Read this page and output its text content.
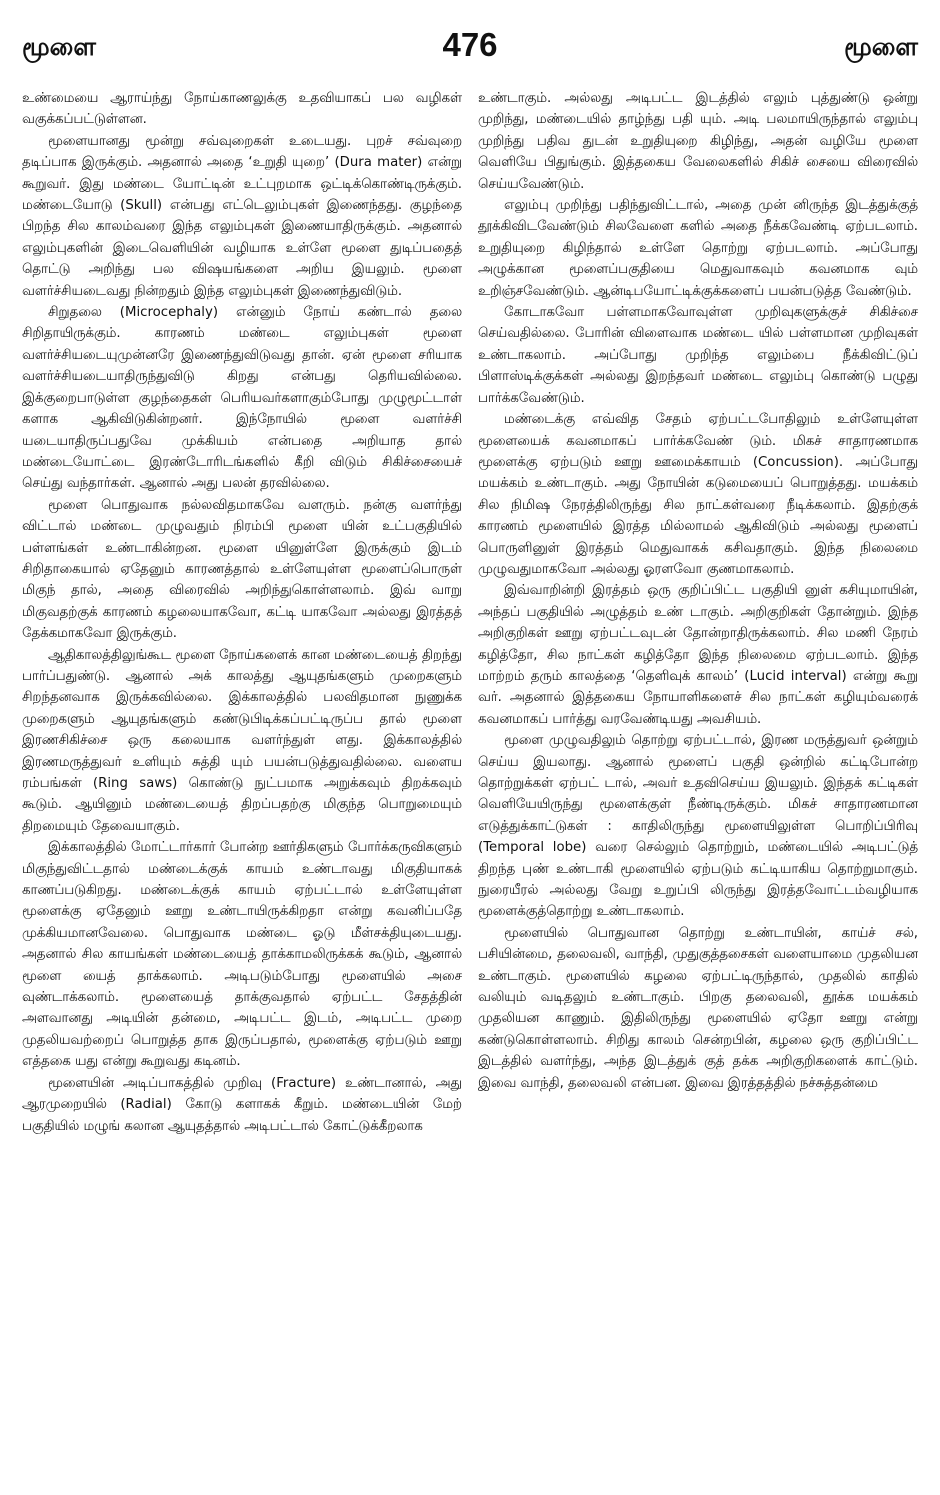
மூளை	476	மூளை

உண்மையை ஆராய்ந்து நோய்காணலுக்கு உதவியாகப் பல வழிகள் வகுக்கப்பட்டுள்ளன.

மூளையானது மூன்று சவ்வுறைகள் உடையது. புறச் சவ்வுறை தடிப்பாக இருக்கும். அதனால் அதை ‘உறுதி யுறை’ (Dura mater) என்று கூறுவர். இது மண்டை யோட்டின் உட்புறமாக ஒட்டிக்கொண்டிருக்கும். மண்டையோடு (Skull) என்பது எட்டெலும்புகள் இணைந்தது. குழந்தை பிறந்த சில காலம்வரை இந்த எலும்புகள் இணையாதிருக்கும். அதனால் எலும்புகளின் இடைவெளியின் வழியாக உள்ளே மூளை துடிப்பதைத் தொட்டு அறிந்து பல விஷயங்களை அறிய இயலும். மூளை வளர்ச்சியடைவது நின்றதும் இந்த எலும்புகள் இணைந்துவிடும்.

சிறுதலை (Microcephaly) என்னும் நோய் கண்டால் தலை சிறிதாயிருக்கும். காரணம் மண்டை எலும்புகள் மூளை வளர்ச்சியடையுமுன்னரே இணைந்துவிடுவது தான். ஏன் மூளை சரியாக வளர்ச்சியடையாதிருந்துவிடு கிறது என்பது தெரியவில்லை. இக்குறைபாடுள்ள குழந்தைகள் பெரியவர்களாகும்போது முழுமூட்டாள் களாக ஆகிவிடுகின்றனர். இந்நோயில் மூளை வளர்ச்சி யடையாதிருப்பதுவே முக்கியம் என்பதை அறியாத தால் மண்டையோட்டை இரண்டோரிடங்களில் கீறி விடும் சிகிச்சையைச் செய்து வந்தார்கள். ஆனால் அது பலன் தரவில்லை.

மூளை பொதுவாக நல்லவிதமாகவே வளரும். நன்கு வளர்ந்து விட்டால் மண்டை முழுவதும் நிரம்பி மூளை யின் உட்பகுதியில் பள்ளங்கள் உண்டாகின்றன. மூளை யினுள்ளே இருக்கும் இடம் சிறிதாகையால் ஏதேனும் காரணத்தால் உள்ளேயுள்ள மூளைப்பொருள் மிகுந் தால், அதை விரைவில் அறிந்துகொள்ளலாம். இவ் வாறு மிகுவதற்குக் காரணம் கழலையாகவோ, கட்டி யாகவோ அல்லது இரத்தத் தேக்கமாகவோ இருக்கும்.

ஆதிகாலத்திலுங்கூட மூளை நோய்களைக் கான மண்டையைத் திறந்து பார்ப்பதுண்டு. ஆனால் அக் காலத்து ஆயுதங்களும் முறைகளும் சிறந்தனவாக இருக்கவில்லை. இக்காலத்தில் பலவிதமான நுணுக்க முறைகளும் ஆயுதங்களும் கண்டுபிடிக்கப்பட்டிருப்ப தால் மூளை இரணசிகிச்சை ஒரு கலையாக வளர்ந்துள் ளது. இக்காலத்தில் இரணமருத்துவர் உளியும் சுத்தி யும் பயன்படுத்துவதில்லை. வளைய ரம்பங்கள் (Ring saws) கொண்டு நுட்பமாக அறுக்கவும் திறக்கவும் கூடும். ஆயினும் மண்டையைத் திறப்பதற்கு மிகுந்த பொறுமையும் திறமையும் தேவையாகும்.

இக்காலத்தில் மோட்டார்கார் போன்ற ஊர்திகளும் போர்க்கருவிகளும் மிகுந்துவிட்டதால் மண்டைக்குக் காயம் உண்டாவது மிகுதியாகக் காணப்படுகிறது. மண்டைக்குக் காயம் ஏற்பட்டால் உள்ளேயுள்ள மூளைக்கு ஏதேனும் ஊறு உண்டாயிருக்கிறதா என்று கவனிப்பதே முக்கியமானவேலை. பொதுவாக மண்டை ஓடு மீள்சக்தியுடையது. அதனால் சில காயங்கள் மண்டையைத் தாக்காமலிருக்கக் கூடும், ஆனால் மூளை யைத் தாக்கலாம். அடிபடும்போது மூளையில் அசை வுண்டாக்கலாம். மூளையைத் தாக்குவதால் ஏற்பட்ட சேதத்தின் அளவானது அடியின் தன்மை, அடிபட்ட இடம், அடிபட்ட முறை முதலியவற்றைப் பொறுத்த தாக இருப்பதால், மூளைக்கு ஏற்படும் ஊறு எத்தகை யது என்று கூறுவது கடினம்.

மூளையின் அடிப்பாகத்தில் முறிவு (Fracture) உண்டானால், அது ஆரமுறையில் (Radial) கோடு களாகக் கீறும். மண்டையின் மேற் பகுதியில் மழுங் கலான ஆயுதத்தால் அடிபட்டால் கோட்டுக்கீறலாக

உண்டாகும். அல்லது அடிபட்ட இடத்தில் எலும் புத்துண்டு ஒன்று முறிந்து, மண்டையில் தாழ்ந்து பதி யும். அடி பலமாயிருந்தால் எலும்பு முறிந்து பதிவ துடன் உறுதியுறை கிழிந்து, அதன் வழியே மூளை வெளியே பிதுங்கும். இத்தகைய வேலைகளில் சிகிச் சையை விரைவில் செய்யவேண்டும்.

எலும்பு முறிந்து பதிந்துவிட்டால், அதை முன் னிருந்த இடத்துக்குத் தூக்கிவிடவேண்டும் சிலவேளை களில் அதை நீக்கவேண்டி ஏற்படலாம். உறுதியுறை கிழிந்தால் உள்ளே தொற்று ஏற்படலாம். அப்போது அழுக்கான மூளைப்பகுதியை மெதுவாகவும் கவனமாக வும் உறிஞ்சவேண்டும். ஆன்டிபயோட்டிக்குக்களைப் பயன்படுத்த வேண்டும்.

கோடாகவோ பள்ளமாகவோவுள்ள முறிவுகளுக்குச் சிகிச்சை செய்வதில்லை. போரின் விளைவாக மண்டை யில் பள்ளமான முறிவுகள் உண்டாகலாம். அப்போது முறிந்த எலும்பை நீக்கிவிட்டுப் பிளாஸ்டிக்குக்கள் அல்லது இறந்தவர் மண்டை எலும்பு கொண்டு பழுது பார்க்கவேண்டும்.

மண்டைக்கு எவ்வித சேதம் ஏற்பட்டபோதிலும் உள்ளேயுள்ள மூளையைக் கவனமாகப் பார்க்கவேண் டும். மிகச் சாதாரணமாக மூளைக்கு ஏற்படும் ஊறு ஊமைக்காயம் (Concussion). அப்போது மயக்கம் உண்டாகும். அது நோயின் கடுமையைப் பொறுத்தது. மயக்கம் சில நிமிஷ நேரத்திலிருந்து சில நாட்கள்வரை நீடிக்கலாம். இதற்குக் காரணம் மூளையில் இரத்த மில்லாமல் ஆகிவிடும் அல்லது மூளைப் பொருளினுள் இரத்தம் மெதுவாகக் கசிவதாகும். இந்த நிலைமை முழுவதுமாகவோ அல்லது ஓரளவோ குணமாகலாம்.

இவ்வாறின்றி இரத்தம் ஒரு குறிப்பிட்ட பகுதியி னுள் கசியுமாயின், அந்தப் பகுதியில் அழுத்தம் உண் டாகும். அறிகுறிகள் தோன்றும். இந்த அறிகுறிகள் ஊறு ஏற்பட்டவுடன் தோன்றாதிருக்கலாம். சில மணி நேரம் கழித்தோ, சில நாட்கள் கழித்தோ இந்த நிலைமை ஏற்படலாம். இந்த மாற்றம் தரும் காலத்தை ‘தெளிவுக் காலம்’ (Lucid interval) என்று கூறு வர். அதனால் இத்தகைய நோயாளிகளைச் சில நாட்கள் கழியும்வரைக் கவனமாகப் பார்த்து வரவேண்டியது அவசியம்.

மூளை முழுவதிலும் தொற்று ஏற்பட்டால், இரண மருத்துவர் ஒன்றும் செய்ய இயலாது. ஆனால் மூளைப் பகுதி ஒன்றில் கட்டிபோன்ற தொற்றுக்கள் ஏற்பட் டால், அவர் உதவிசெய்ய இயலும். இந்தக் கட்டிகள் வெளியேயிருந்து மூளைக்குள் நீண்டிருக்கும். மிகச் சாதாரணமான எடுத்துக்காட்டுகள் : காதிலிருந்து மூளையிலுள்ள பொறிப்பிரிவு (Temporal lobe) வரை செல்லும் தொற்றும், மண்டையில் அடிபட்டுத் திறந்த புண் உண்டாகி மூளையில் ஏற்படும் கட்டியாகிய தொற்றுமாகும். நுரையீரல் அல்லது வேறு உறுப்பி லிருந்து இரத்தவோட்டம்வழியாக மூளைக்குத்தொற்று உண்டாகலாம்.

மூளையில் பொதுவான தொற்று உண்டாயின், காய்ச் சல், பசியின்மை, தலைவலி, வாந்தி, முதுகுத்தசைகள் வளையாமை முதலியன உண்டாகும். மூளையில் கழலை ஏற்பட்டிருந்தால், முதலில் காதில் வலியும் வடிதலும் உண்டாகும். பிறகு தலைவலி, தூக்க மயக்கம் முதலியன காணும். இதிலிருந்து மூளையில் ஏதோ ஊறு என்று கண்டுகொள்ளலாம். சிறிது காலம் சென்றபின், கழலை ஒரு குறிப்பிட்ட இடத்தில் வளர்ந்து, அந்த இடத்துக் குத் தக்க அறிகுறிகளைக் காட்டும். இவை வாந்தி, தலைவலி என்பன. இவை இரத்தத்தில் நச்சுத்தன்மை
